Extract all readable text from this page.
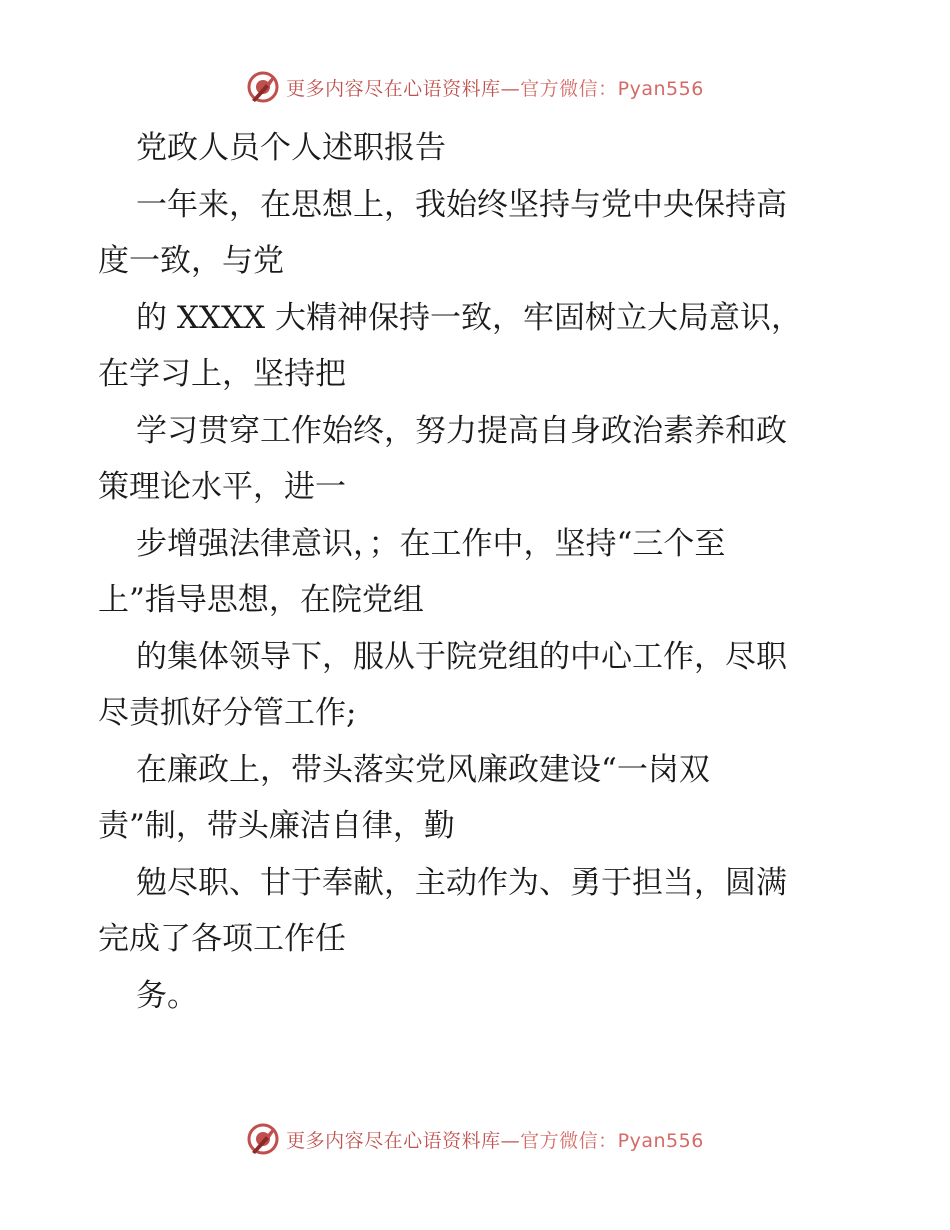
更多内容尽在心语资料库—官方微信：Pyan556
党政人员个人述职报告
一年来，在思想上，我始终坚持与党中央保持高
度一致，与党
的 XXXX 大精神保持一致，牢固树立大局意识，
在学习上，坚持把
学习贯穿工作始终，努力提高自身政治素养和政
策理论水平，进一
步增强法律意识，；在工作中，坚持“三个至
上”指导思想，在院党组
的集体领导下，服从于院党组的中心工作，尽职
尽责抓好分管工作;
在廉政上，带头落实党风廉政建设“一岗双
责”制，带头廉洁自律，勤
勉尽职、甘于奉献，主动作为、勇于担当，圆满
完成了各项工作任
务。
更多内容尽在心语资料库—官方微信：Pyan556
